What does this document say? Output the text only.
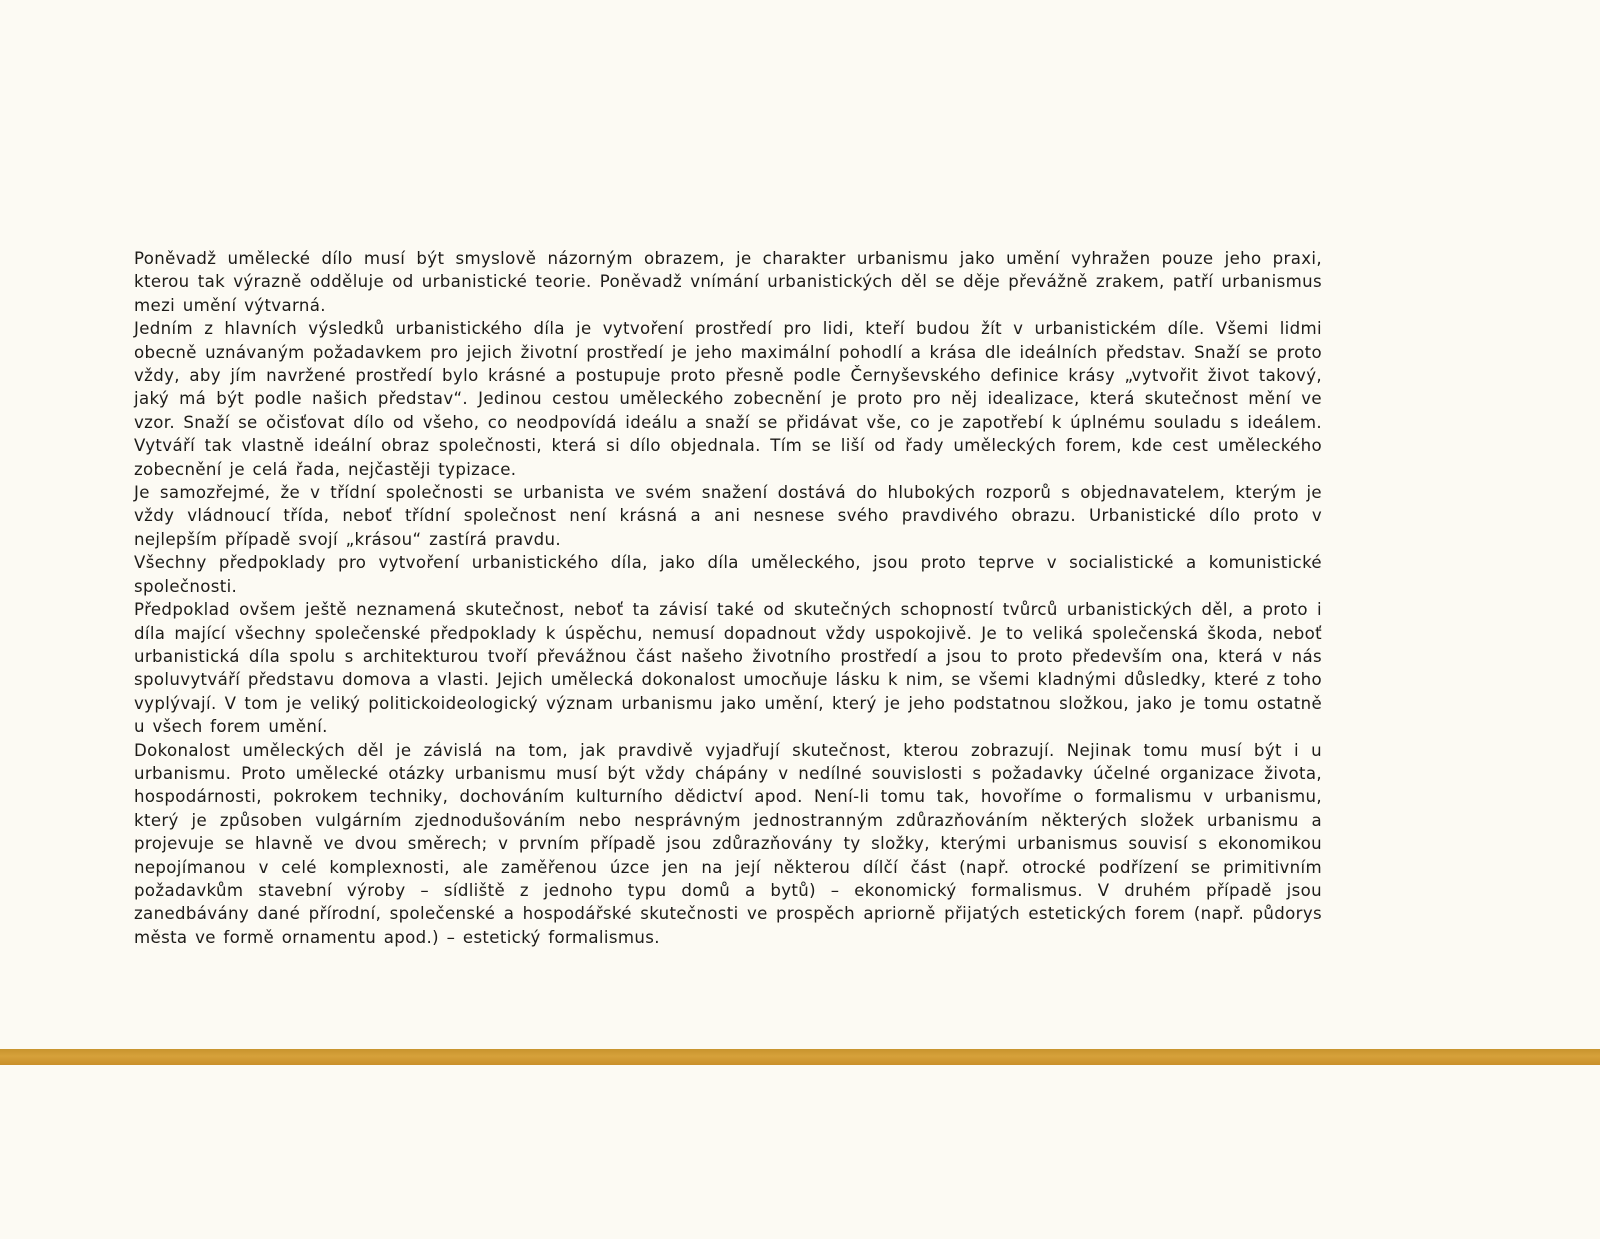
Poněvadž umělecké dílo musí být smyslově názorným obrazem, je charakter urbanismu jako umění vyhražen pouze jeho praxi, kterou tak výrazně odděluje od urbanistické teorie. Poněvadž vnímání urbanistických děl se děje převážně zrakem, patří urbanismus mezi umění výtvarná.

Jedním z hlavních výsledků urbanistického díla je vytvoření prostředí pro lidi, kteří budou žít v urbanistickém díle. Všemi lidmi obecně uznávaným požadavkem pro jejich životní prostředí je jeho maximální pohodlí a krása dle ideálních představ. Snaží se proto vždy, aby jím navržené prostředí bylo krásné a postupuje proto přesně podle Černyševského definice krásy „vytvořit život takový, jaký má být podle našich představ“. Jedinou cestou uměleckého zobecnění je proto pro něj idealizace, která skutečnost mění ve vzor. Snaží se očisťovat dílo od všeho, co neodpovídá ideálu a snaží se přidávat vše, co je zapotřebí k úplnému souladu s ideálem. Vytváří tak vlastně ideální obraz společnosti, která si dílo objednala. Tím se liší od řady uměleckých forem, kde cest uměleckého zobecnění je celá řada, nejčastěji typizace.

Je samozřejmé, že v třídní společnosti se urbanista ve svém snažení dostává do hlubokých rozporů s objednavatelem, kterým je vždy vládnoucí třída, neboť třídní společnost není krásná a ani nesnese svého pravdivého obrazu. Urbanistické dílo proto v nejlepším případě svojí „krásou“ zastírá pravdu.

Všechny předpoklady pro vytvoření urbanistického díla, jako díla uměleckého, jsou proto teprve v socialistické a komunistické společnosti.

Předpoklad ovšem ještě neznamená skutečnost, neboť ta závisí také od skutečných schopností tvůrců urbanistických děl, a proto i díla mající všechny společenské předpoklady k úspěchu, nemusí dopadnout vždy uspokojivě. Je to veliká společenská škoda, neboť urbanistická díla spolu s architekturou tvoří převážnou část našeho životního prostředí a jsou to proto především ona, která v nás spoluvytváří představu domova a vlasti. Jejich umělecká dokonalost umocňuje lásku k nim, se všemi kladnými důsledky, které z toho vyplývají. V tom je veliký politickoideologický význam urbanismu jako umění, který je jeho podstatnou složkou, jako je tomu ostatně u všech forem umění.

Dokonalost uměleckých děl je závislá na tom, jak pravdivě vyjadřují skutečnost, kterou zobrazují. Nejinak tomu musí být i u urbanismu. Proto umělecké otázky urbanismu musí být vždy chápány v nedílné souvislosti s požadavky účelné organizace života, hospodárnosti, pokrokem techniky, dochováním kulturního dědictví apod. Není-li tomu tak, hovoříme o formalismu v urbanismu, který je způsoben vulgárním zjednodušováním nebo nesprávným jednostranným zdůrazňováním některých složek urbanismu a projevuje se hlavně ve dvou směrech; v prvním případě jsou zdůrazňovány ty složky, kterými urbanismus souvisí s ekonomikou nepojímanou v celé komplexnosti, ale zaměřenou úzce jen na její některou dílčí část (např. otrocké podřízení se primitivním požadavkům stavební výroby – sídliště z jednoho typu domů a bytů) – ekonomický formalismus. V druhém případě jsou zanedbávány dané přírodní, společenské a hospodářské skutečnosti ve prospěch apriorně přijatých estetických forem (např. půdorys města ve formě ornamentu apod.) – estetický formalismus.
